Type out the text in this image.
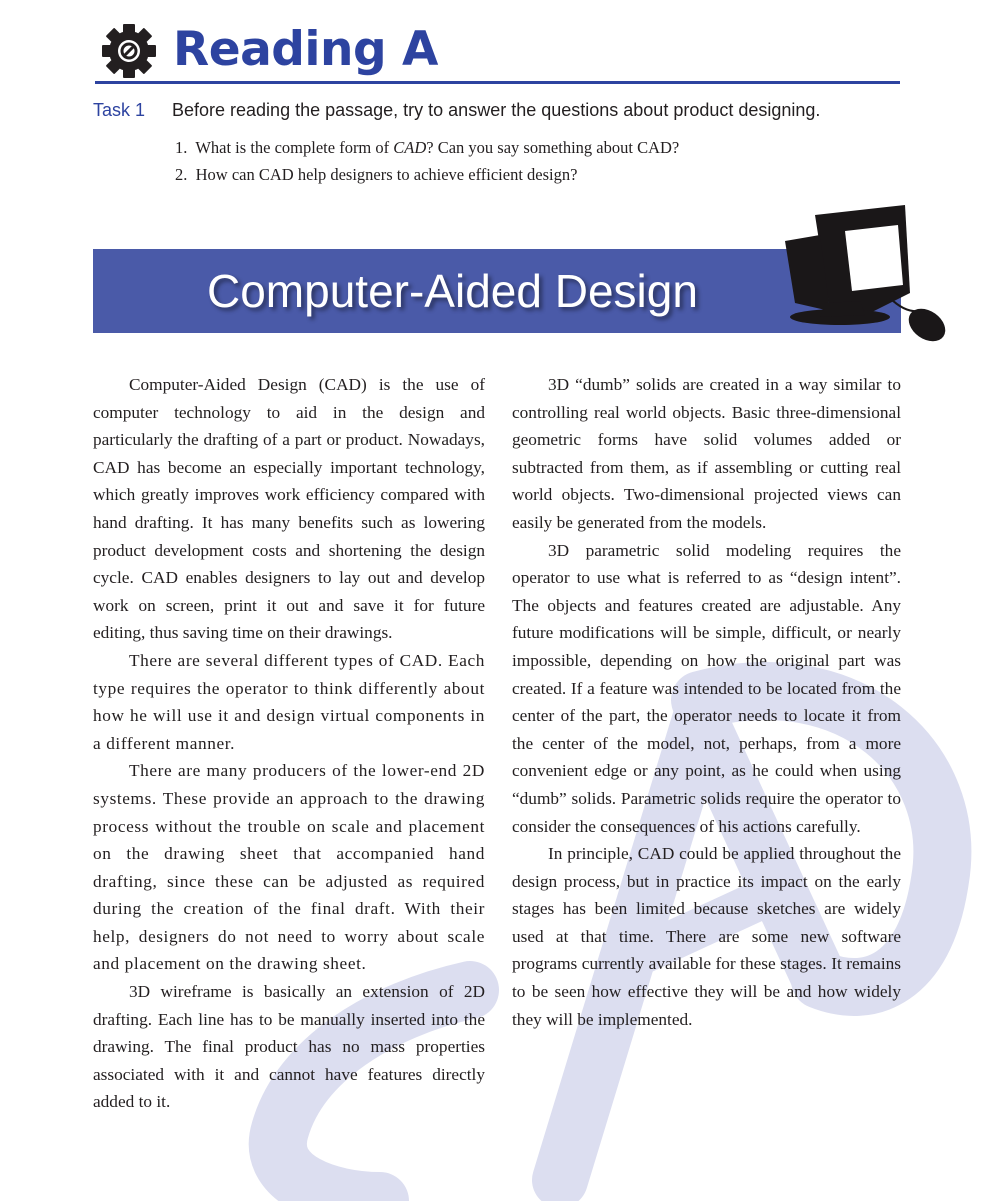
Reading A
Task 1 Before reading the passage, try to answer the questions about product designing.
1. What is the complete form of CAD? Can you say something about CAD?
2. How can CAD help designers to achieve efficient design?
Computer-Aided Design

Computer-Aided Design (CAD) is the use of computer technology to aid in the design and particularly the drafting of a part or product. Nowadays, CAD has become an especially important technology, which greatly improves work efficiency compared with hand drafting. It has many benefits such as lowering product development costs and shortening the design cycle. CAD enables designers to lay out and develop work on screen, print it out and save it for future editing, thus saving time on their drawings.

There are several different types of CAD. Each type requires the operator to think differently about how he will use it and design virtual components in a different manner.

There are many producers of the lower-end 2D systems. These provide an approach to the drawing process without the trouble on scale and placement on the drawing sheet that accompanied hand drafting, since these can be adjusted as required during the creation of the final draft. With their help, designers do not need to worry about scale and placement on the drawing sheet.

3D wireframe is basically an extension of 2D drafting. Each line has to be manually inserted into the drawing. The final product has no mass properties associated with it and cannot have features directly added to it.

3D “dumb” solids are created in a way similar to controlling real world objects. Basic three-dimensional geometric forms have solid volumes added or subtracted from them, as if assembling or cutting real world objects. Two-dimensional projected views can easily be generated from the models.

3D parametric solid modeling requires the operator to use what is referred to as “design intent”. The objects and features created are adjustable. Any future modifications will be simple, difficult, or nearly impossible, depending on how the original part was created. If a feature was intended to be located from the center of the part, the operator needs to locate it from the center of the model, not, perhaps, from a more convenient edge or any point, as he could when using “dumb” solids. Parametric solids require the operator to consider the consequences of his actions carefully.

In principle, CAD could be applied throughout the design process, but in practice its impact on the early stages has been limited because sketches are widely used at that time. There are some new software programs currently available for these stages. It remains to be seen how effective they will be and how widely they will be implemented.
